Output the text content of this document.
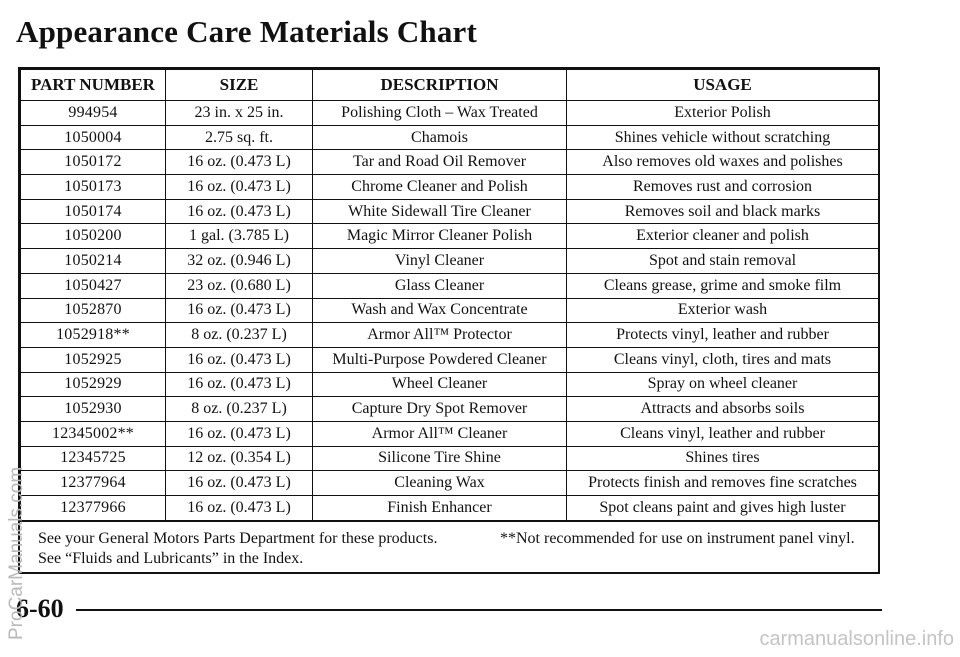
Appearance Care Materials Chart
PART NUMBER	SIZE	DESCRIPTION	USAGE
994954	23 in. x 25 in.	Polishing Cloth – Wax Treated	Exterior Polish
1050004	2.75 sq. ft.	Chamois	Shines vehicle without scratching
1050172	16 oz. (0.473 L)	Tar and Road Oil Remover	Also removes old waxes and polishes
1050173	16 oz. (0.473 L)	Chrome Cleaner and Polish	Removes rust and corrosion
1050174	16 oz. (0.473 L)	White Sidewall Tire Cleaner	Removes soil and black marks
1050200	1 gal. (3.785 L)	Magic Mirror Cleaner Polish	Exterior cleaner and polish
1050214	32 oz. (0.946 L)	Vinyl Cleaner	Spot and stain removal
1050427	23 oz. (0.680 L)	Glass Cleaner	Cleans grease, grime and smoke film
1052870	16 oz. (0.473 L)	Wash and Wax Concentrate	Exterior wash
1052918**	8 oz. (0.237 L)	Armor All™ Protector	Protects vinyl, leather and rubber
1052925	16 oz. (0.473 L)	Multi-Purpose Powdered Cleaner	Cleans vinyl, cloth, tires and mats
1052929	16 oz. (0.473 L)	Wheel Cleaner	Spray on wheel cleaner
1052930	8 oz. (0.237 L)	Capture Dry Spot Remover	Attracts and absorbs soils
12345002**	16 oz. (0.473 L)	Armor All™ Cleaner	Cleans vinyl, leather and rubber
12345725	12 oz. (0.354 L)	Silicone Tire Shine	Shines tires
12377964	16 oz. (0.473 L)	Cleaning Wax	Protects finish and removes fine scratches
12377966	16 oz. (0.473 L)	Finish Enhancer	Spot cleans paint and gives high luster
See your General Motors Parts Department for these products.	**Not recommended for use on instrument panel vinyl.
See “Fluids and Lubricants” in the Index.
6-60
ProCarManuals.com	carmanualsonline.info
